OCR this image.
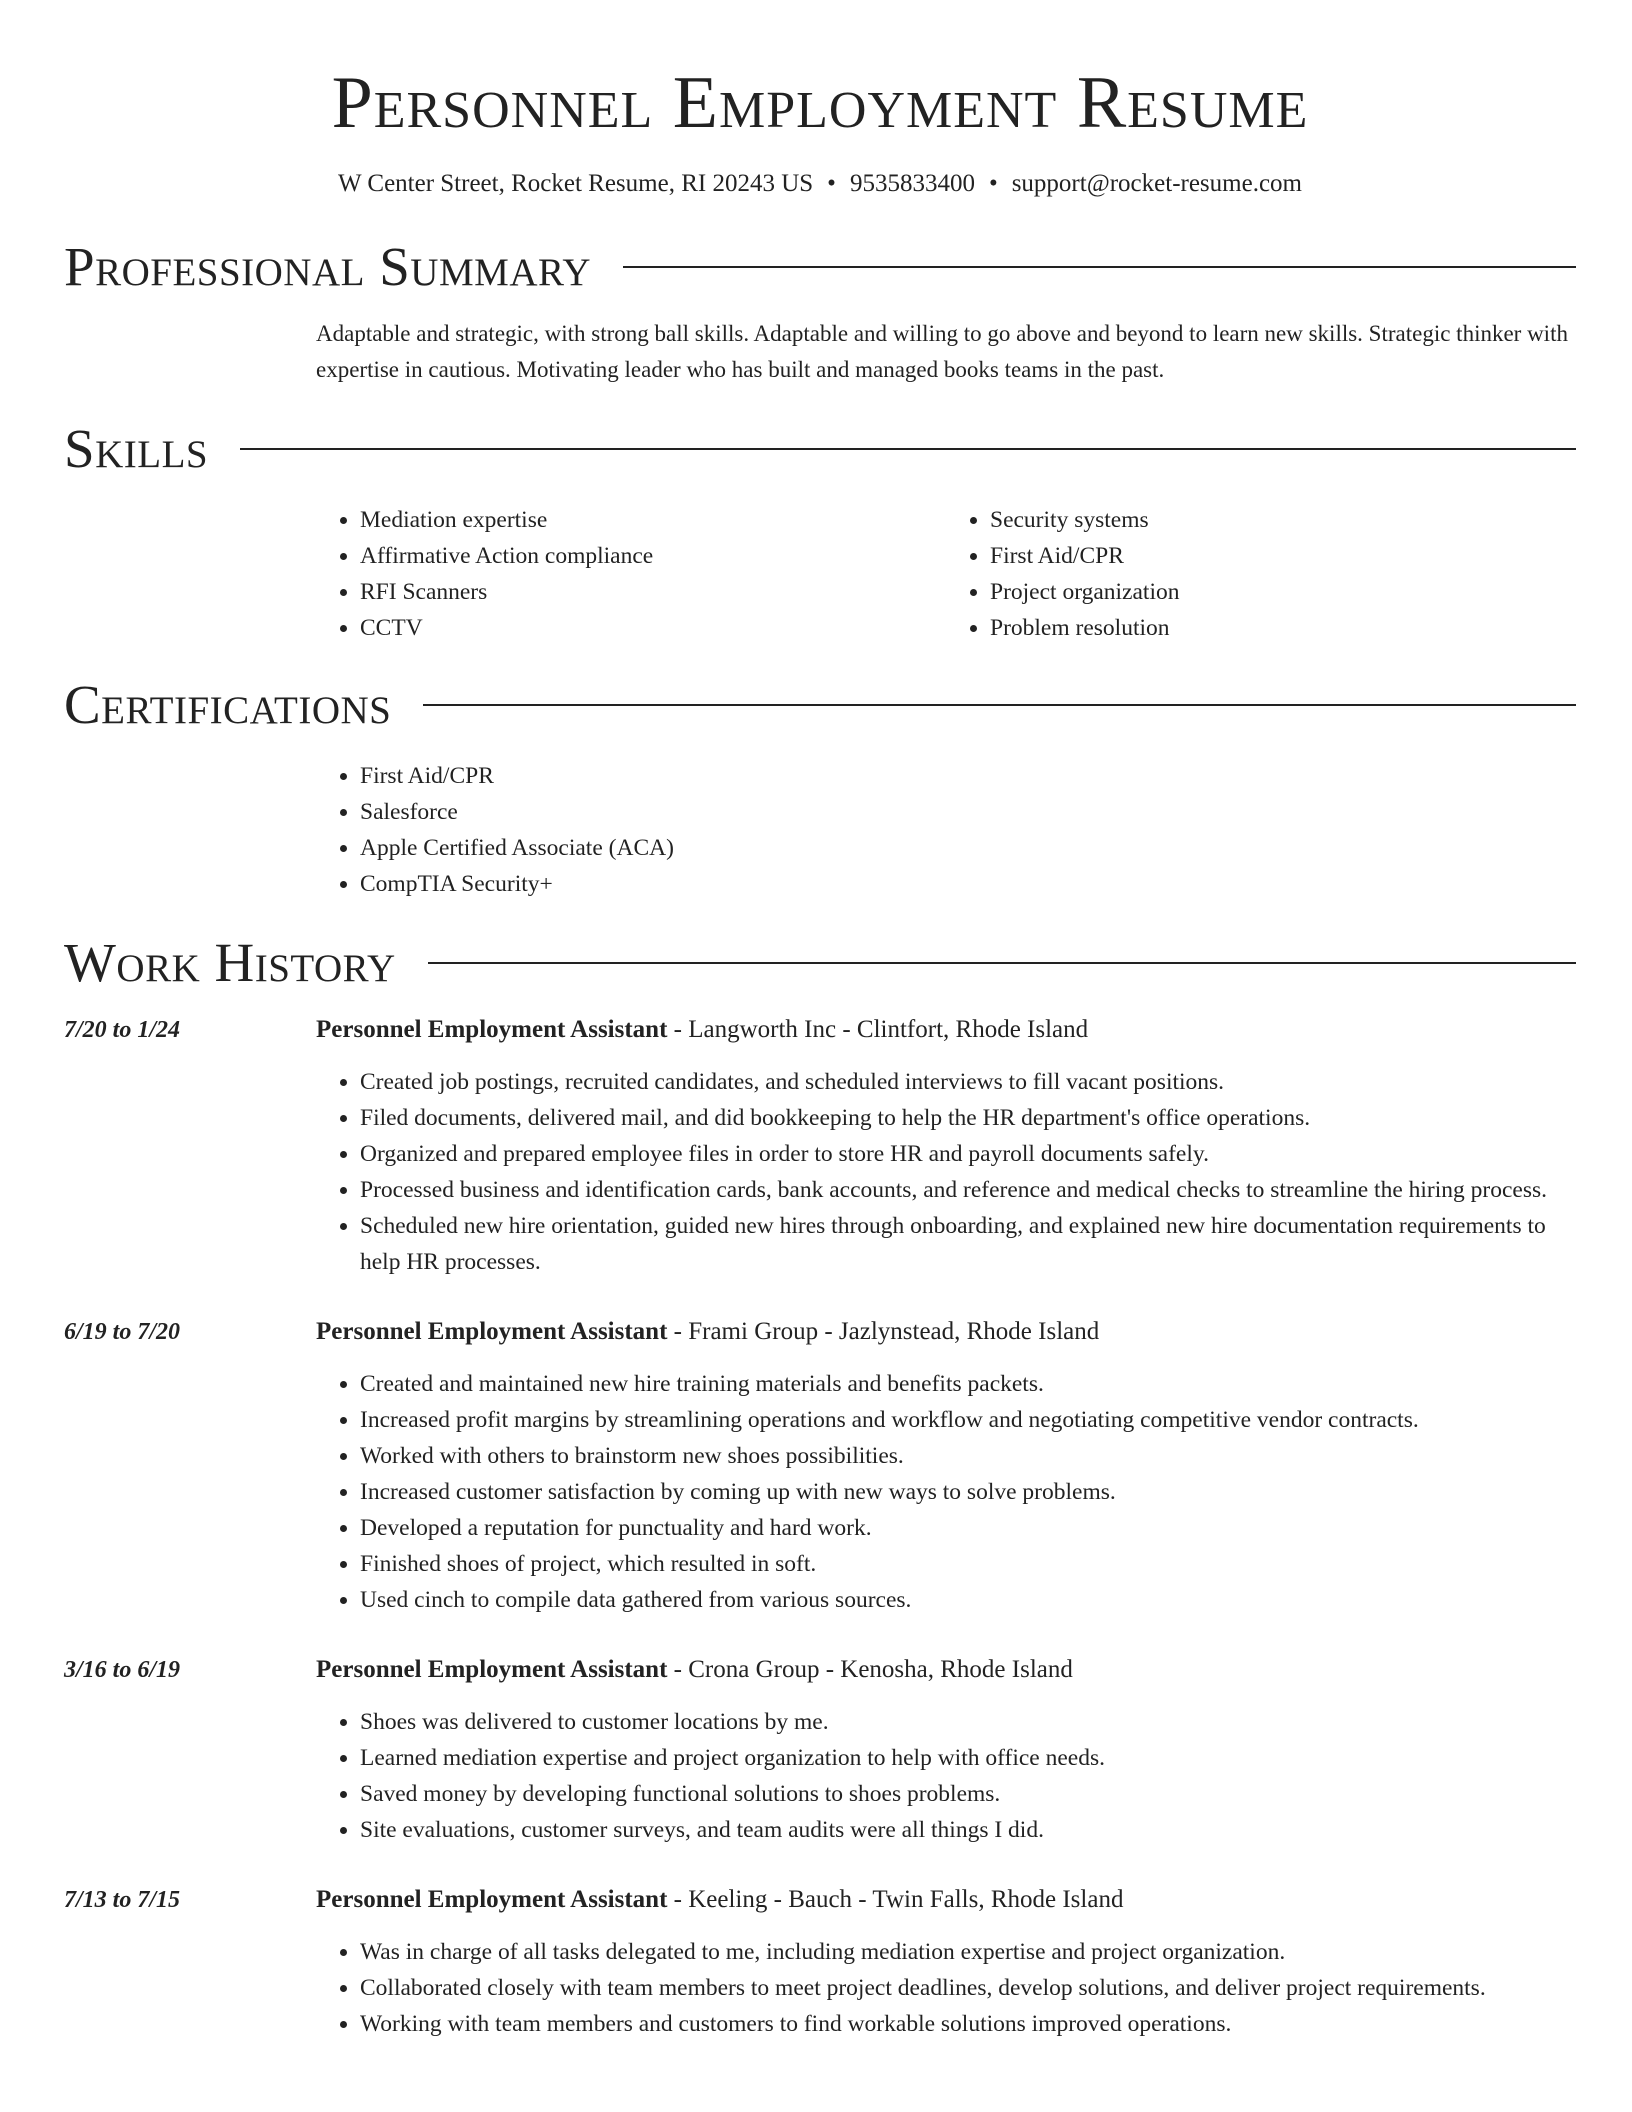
Personnel Employment Resume
W Center Street, Rocket Resume, RI 20243 US • 9535833400 • support@rocket-resume.com
Professional Summary
Adaptable and strategic, with strong ball skills. Adaptable and willing to go above and beyond to learn new skills. Strategic thinker with expertise in cautious. Motivating leader who has built and managed books teams in the past.
Skills
• Mediation expertise
• Affirmative Action compliance
• RFI Scanners
• CCTV
• Security systems
• First Aid/CPR
• Project organization
• Problem resolution
Certifications
• First Aid/CPR
• Salesforce
• Apple Certified Associate (ACA)
• CompTIA Security+
Work History
7/20 to 1/24	Personnel Employment Assistant - Langworth Inc - Clintfort, Rhode Island
• Created job postings, recruited candidates, and scheduled interviews to fill vacant positions.
• Filed documents, delivered mail, and did bookkeeping to help the HR department's office operations.
• Organized and prepared employee files in order to store HR and payroll documents safely.
• Processed business and identification cards, bank accounts, and reference and medical checks to streamline the hiring process.
• Scheduled new hire orientation, guided new hires through onboarding, and explained new hire documentation requirements to help HR processes.
6/19 to 7/20	Personnel Employment Assistant - Frami Group - Jazlynstead, Rhode Island
• Created and maintained new hire training materials and benefits packets.
• Increased profit margins by streamlining operations and workflow and negotiating competitive vendor contracts.
• Worked with others to brainstorm new shoes possibilities.
• Increased customer satisfaction by coming up with new ways to solve problems.
• Developed a reputation for punctuality and hard work.
• Finished shoes of project, which resulted in soft.
• Used cinch to compile data gathered from various sources.
3/16 to 6/19	Personnel Employment Assistant - Crona Group - Kenosha, Rhode Island
• Shoes was delivered to customer locations by me.
• Learned mediation expertise and project organization to help with office needs.
• Saved money by developing functional solutions to shoes problems.
• Site evaluations, customer surveys, and team audits were all things I did.
7/13 to 7/15	Personnel Employment Assistant - Keeling - Bauch - Twin Falls, Rhode Island
• Was in charge of all tasks delegated to me, including mediation expertise and project organization.
• Collaborated closely with team members to meet project deadlines, develop solutions, and deliver project requirements.
• Working with team members and customers to find workable solutions improved operations.
